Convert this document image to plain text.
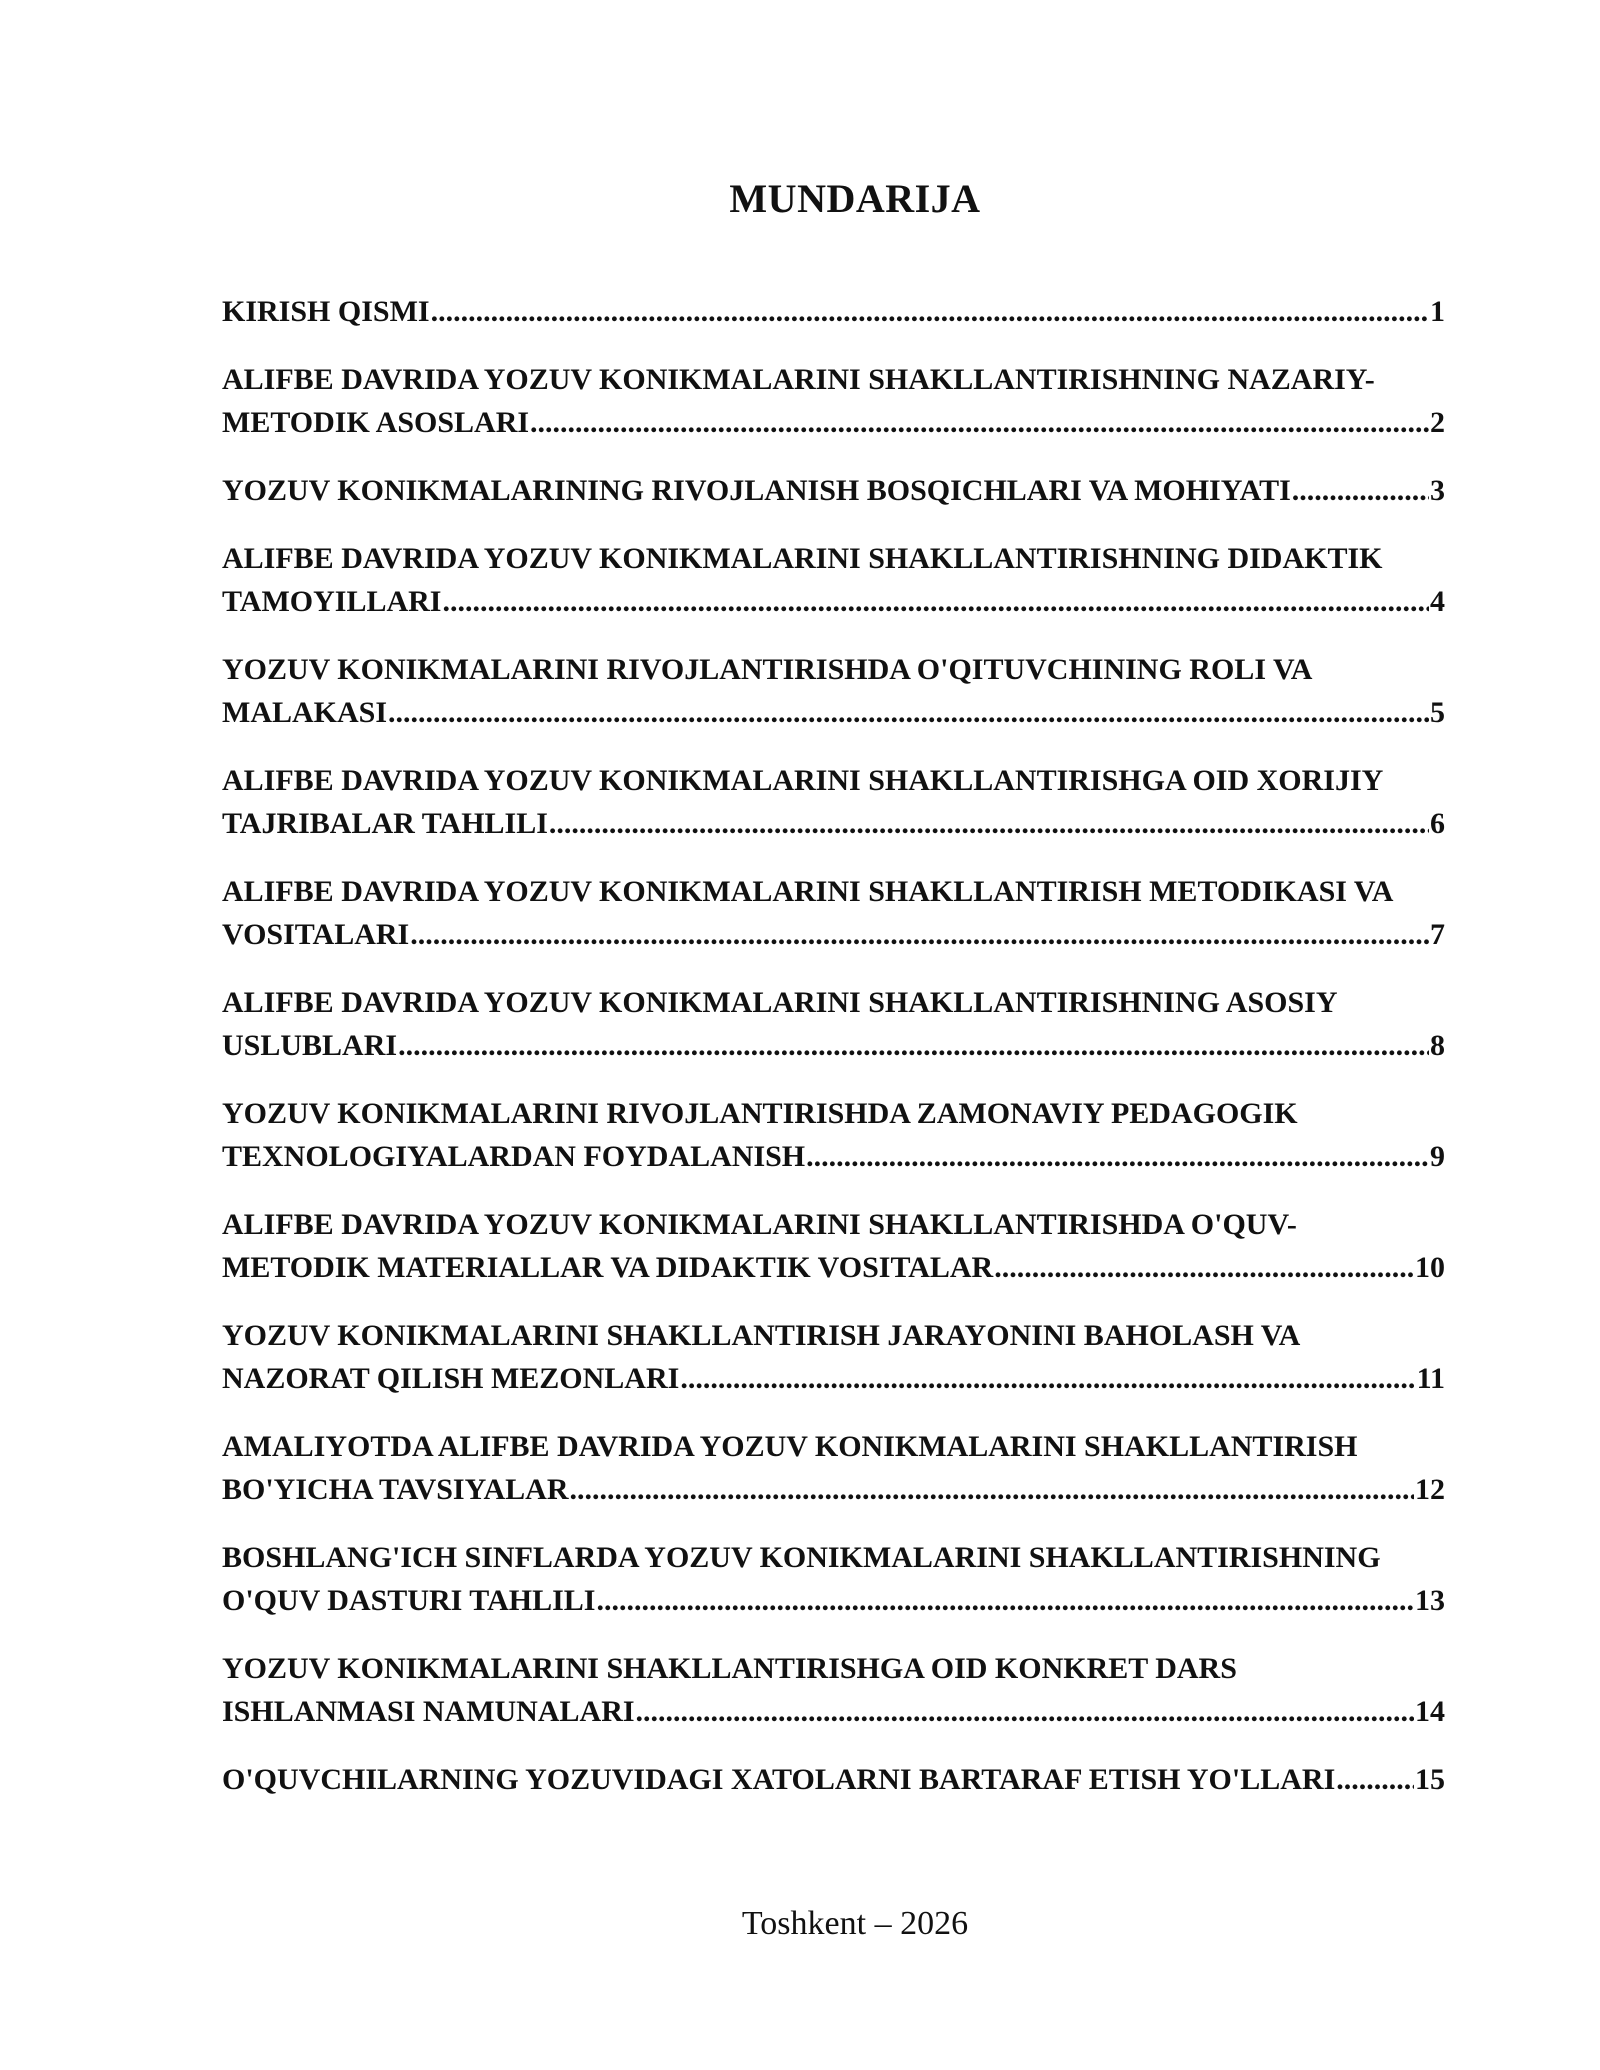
MUNDARIJA
KIRISH QISMI .....	1
ALIFBE DAVRIDA YOZUV KONIKMALARINI SHAKLLANTIRISHNING NAZARIY-
METODIK ASOSLARI .....	2
YOZUV KONIKMALARINING RIVOJLANISH BOSQICHLARI VA MOHIYATI .....	3
ALIFBE DAVRIDA YOZUV KONIKMALARINI SHAKLLANTIRISHNING DIDAKTIK
TAMOYILLARI .....	4
YOZUV KONIKMALARINI RIVOJLANTIRISHDA O'QITUVCHINING ROLI VA
MALAKASI .....	5
ALIFBE DAVRIDA YOZUV KONIKMALARINI SHAKLLANTIRISHGA OID XORIJIY
TAJRIBALAR TAHLILI .....	6
ALIFBE DAVRIDA YOZUV KONIKMALARINI SHAKLLANTIRISH METODIKASI VA
VOSITALARI .....	7
ALIFBE DAVRIDA YOZUV KONIKMALARINI SHAKLLANTIRISHNING ASOSIY
USLUBLARI .....	8
YOZUV KONIKMALARINI RIVOJLANTIRISHDA ZAMONAVIY PEDAGOGIK
TEXNOLOGIYALARDAN FOYDALANISH .....	9
ALIFBE DAVRIDA YOZUV KONIKMALARINI SHAKLLANTIRISHDA O'QUV-
METODIK MATERIALLAR VA DIDAKTIK VOSITALAR .....	10
YOZUV KONIKMALARINI SHAKLLANTIRISH JARAYONINI BAHOLASH VA
NAZORAT QILISH MEZONLARI .....	11
AMALIYOTDA ALIFBE DAVRIDA YOZUV KONIKMALARINI SHAKLLANTIRISH
BO'YICHA TAVSIYALAR .....	12
BOSHLANG'ICH SINFLARDA YOZUV KONIKMALARINI SHAKLLANTIRISHNING
O'QUV DASTURI TAHLILI .....	13
YOZUV KONIKMALARINI SHAKLLANTIRISHGA OID KONKRET DARS
ISHLANMASI NAMUNALARI .....	14
O'QUVCHILARNING YOZUVIDAGI XATOLARNI BARTARAF ETISH YO'LLARI .....	15
Toshkent – 2026
